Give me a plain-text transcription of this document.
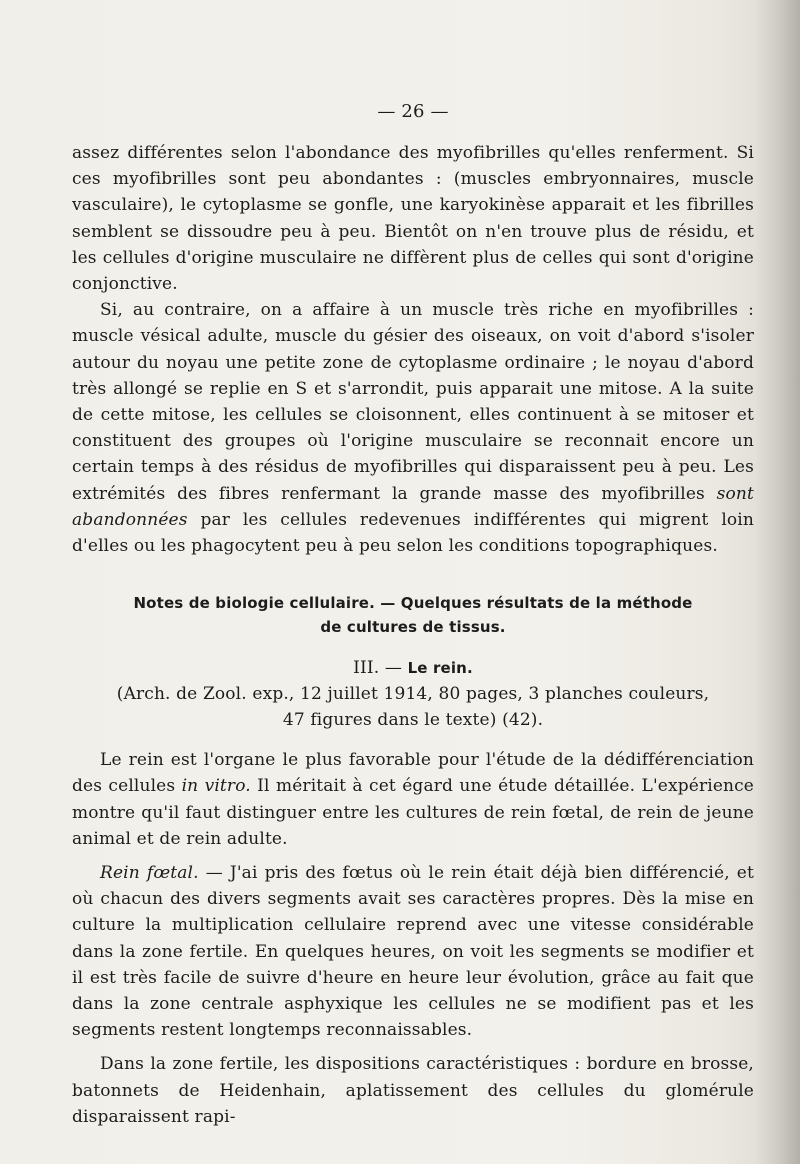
— 26 —

assez différentes selon l'abondance des myofibrilles qu'elles renferment. Si ces myofibrilles sont peu abondantes : (muscles embryonnaires, muscle vasculaire), le cytoplasme se gonfle, une karyokinèse apparait et les fibrilles semblent se dissoudre peu à peu. Bientôt on n'en trouve plus de résidu, et les cellules d'origine musculaire ne diffèrent plus de celles qui sont d'origine conjonctive.

Si, au contraire, on a affaire à un muscle très riche en myofibrilles : muscle vésical adulte, muscle du gésier des oiseaux, on voit d'abord s'isoler autour du noyau une petite zone de cytoplasme ordinaire ; le noyau d'abord très allongé se replie en S et s'arrondit, puis apparait une mitose. A la suite de cette mitose, les cellules se cloisonnent, elles continuent à se mitoser et constituent des groupes où l'origine musculaire se reconnait encore un certain temps à des résidus de myofibrilles qui disparaissent peu à peu. Les extrémités des fibres renfermant la grande masse des myofibrilles sont abandonnées par les cellules redevenues indifférentes qui migrent loin d'elles ou les phagocytent peu à peu selon les conditions topographiques.

Notes de biologie cellulaire. — Quelques résultats de la méthode
de cultures de tissus.
III. — Le rein.
(Arch. de Zool. exp., 12 juillet 1914, 80 pages, 3 planches couleurs,
47 figures dans le texte) (42).

Le rein est l'organe le plus favorable pour l'étude de la dédifférenciation des cellules in vitro. Il méritait à cet égard une étude détaillée. L'expérience montre qu'il faut distinguer entre les cultures de rein fœtal, de rein de jeune animal et de rein adulte.

Rein fœtal. — J'ai pris des fœtus où le rein était déjà bien différencié, et où chacun des divers segments avait ses caractères propres. Dès la mise en culture la multiplication cellulaire reprend avec une vitesse considérable dans la zone fertile. En quelques heures, on voit les segments se modifier et il est très facile de suivre d'heure en heure leur évolution, grâce au fait que dans la zone centrale asphyxique les cellules ne se modifient pas et les segments restent longtemps reconnaissables.

Dans la zone fertile, les dispositions caractéristiques : bordure en brosse, batonnets de Heidenhain, aplatissement des cellules du glomérule disparaissent rapi-
